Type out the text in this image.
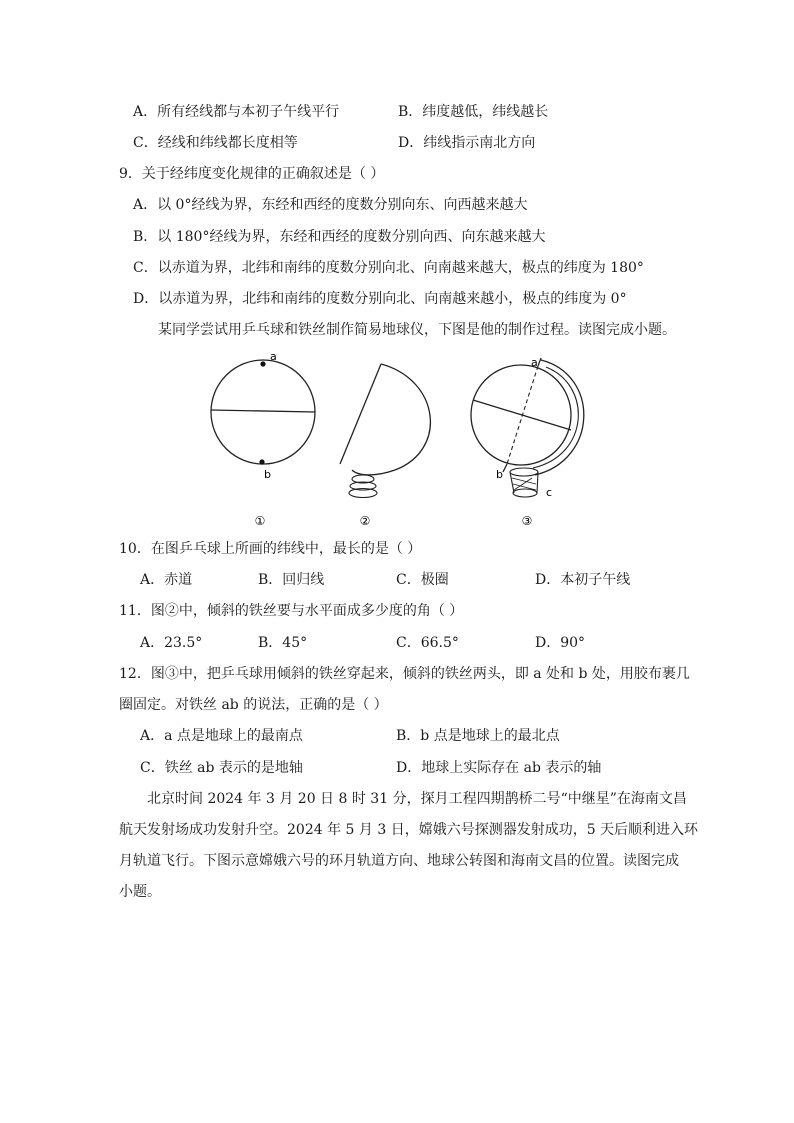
A．所有经线都与本初子午线平行	B．纬度越低，纬线越长
C．经线和纬线都长度相等	D．纬线指示南北方向
9．关于经纬度变化规律的正确叙述是（ ）
A．以 0°经线为界，东经和西经的度数分别向东、向西越来越大
B．以 180°经线为界，东经和西经的度数分别向西、向东越来越大
C．以赤道为界，北纬和南纬的度数分别向北、向南越来越大，极点的纬度为 180°
D．以赤道为界，北纬和南纬的度数分别向北、向南越来越小，极点的纬度为 0°
某同学尝试用乒乓球和铁丝制作简易地球仪，下图是他的制作过程。读图完成小题。
a
b
a
b
c
①	②	③
10．在图乒乓球上所画的纬线中，最长的是（ ）
A．赤道	B．回归线	C．极圈	D．本初子午线
11．图②中，倾斜的铁丝要与水平面成多少度的角（ ）
A．23.5°	B．45°	C．66.5°	D．90°
12．图③中，把乒乓球用倾斜的铁丝穿起来，倾斜的铁丝两头，即 a 处和 b 处，用胶布裹几
圈固定。对铁丝 ab 的说法，正确的是（ ）
A．a 点是地球上的最南点	B．b 点是地球上的最北点
C．铁丝 ab 表示的是地轴	D．地球上实际存在 ab 表示的轴
北京时间 2024 年 3 月 20 日 8 时 31 分，探月工程四期鹊桥二号“中继星”在海南文昌
航天发射场成功发射升空。2024 年 5 月 3 日，嫦娥六号探测器发射成功，5 天后顺利进入环
月轨道飞行。下图示意嫦娥六号的环月轨道方向、地球公转图和海南文昌的位置。读图完成
小题。
